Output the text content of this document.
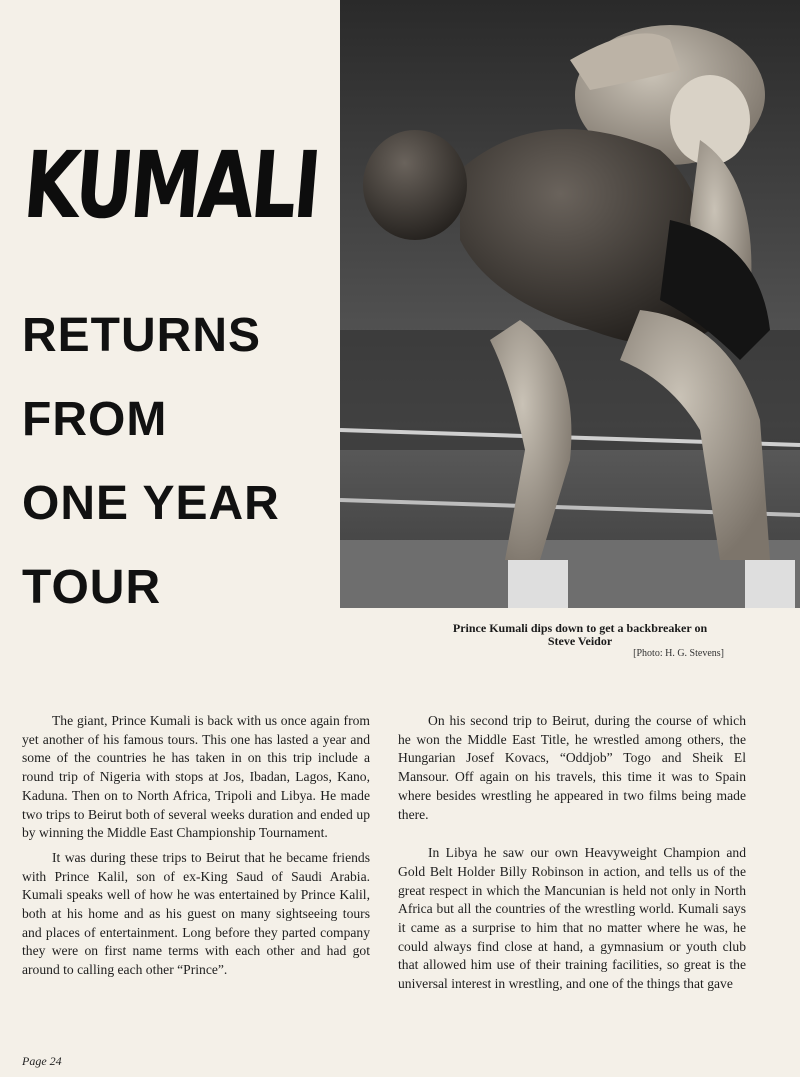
KUMALI
RETURNS
FROM
ONE YEAR
TOUR
Prince Kumali dips down to get a backbreaker on
Steve Veidor
[Photo: H. G. Stevens]

The giant, Prince Kumali is back with us once again from yet another of his famous tours. This one has lasted a year and some of the countries he has taken in on this trip include a round trip of Nigeria with stops at Jos, Ibadan, Lagos, Kano, Kaduna. Then on to North Africa, Tripoli and Libya. He made two trips to Beirut both of several weeks duration and ended up by winning the Middle East Championship Tournament.

It was during these trips to Beirut that he became friends with Prince Kalil, son of ex-King Saud of Saudi Arabia. Kumali speaks well of how he was entertained by Prince Kalil, both at his home and as his guest on many sightseeing tours and places of entertainment. Long before they parted company they were on first name terms with each other and had got around to calling each other “Prince”.

On his second trip to Beirut, during the course of which he won the Middle East Title, he wrestled among others, the Hungarian Josef Kovacs, “Oddjob” Togo and Sheik El Mansour. Off again on his travels, this time it was to Spain where besides wrestling he appeared in two films being made there.

In Libya he saw our own Heavyweight Champion and Gold Belt Holder Billy Robinson in action, and tells us of the great respect in which the Mancunian is held not only in North Africa but all the countries of the wrestling world. Kumali says it came as a surprise to him that no matter where he was, he could always find close at hand, a gymnasium or youth club that allowed him use of their training facilities, so great is the universal interest in wrestling, and one of the things that gave

Page 24
